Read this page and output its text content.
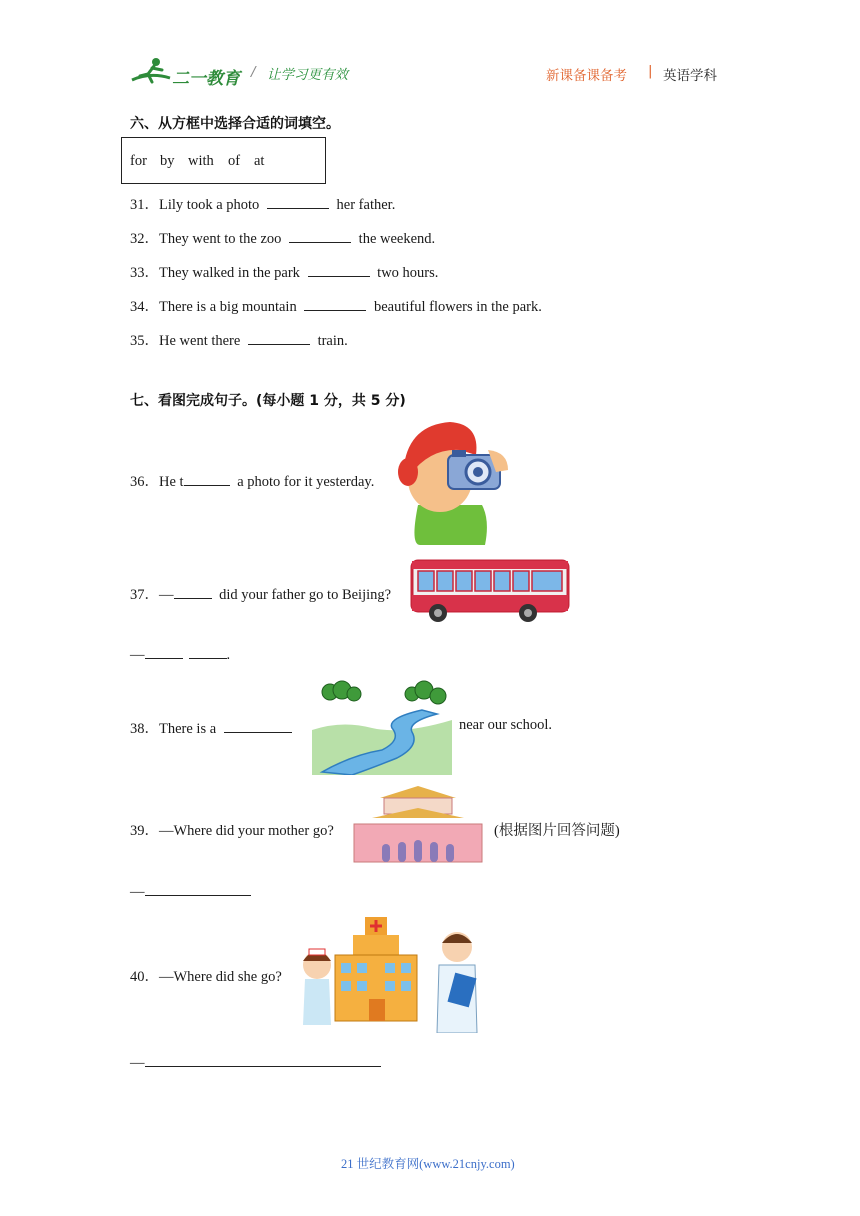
二一教育 / 让学习更有效	新课备课备考 | 英语学科
六、从方框中选择合适的词填空。
for by with of at
31．Lily took a photo	her father.
32．They went to the zoo	the weekend.
33．They walked in the park	two hours.
34．There is a big mountain	beautiful flowers in the park.
35．He went there	train.
七、看图完成句子。(每小题 1 分，共 5 分)
36．He t	a photo for it yesterday.
37．—	did your father go to Beijing?
—	.
38．There is a	near our school.
39．—Where did your mother go?	(根据图片回答问题)
—
40．—Where did she go?
—
21 世纪教育网(www.21cnjy.com)
